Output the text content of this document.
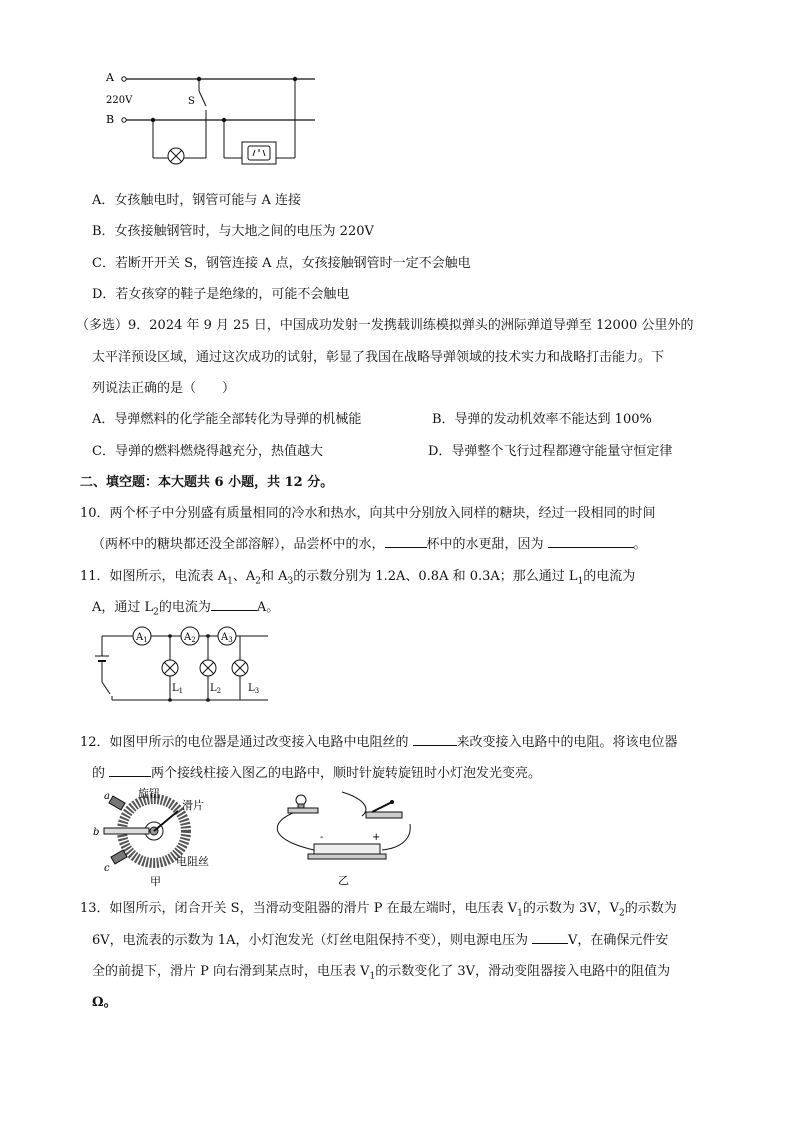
A
220V
B
S
A．女孩触电时，钢管可能与 A 连接
B．女孩接触钢管时，与大地之间的电压为 220V
C．若断开开关 S，钢管连接 A 点，女孩接触钢管时一定不会触电
D．若女孩穿的鞋子是绝缘的，可能不会触电
（多选）9．2024 年 9 月 25 日，中国成功发射一发携载训练模拟弹头的洲际弹道导弹至 12000 公里外的
太平洋预设区域，通过这次成功的试射，彰显了我国在战略导弹领域的技术实力和战略打击能力。下
列说法正确的是（　　）
A．导弹燃料的化学能全部转化为导弹的机械能	B．导弹的发动机效率不能达到 100%
C．导弹的燃料燃烧得越充分，热值越大	D．导弹整个飞行过程都遵守能量守恒定律
二、填空题：本大题共 6 小题，共 12 分。
10．两个杯子中分别盛有质量相同的冷水和热水，向其中分别放入同样的糖块，经过一段相同的时间
（两杯中的糖块都还没全部溶解），品尝杯中的水，	杯中的水更甜，因为	。
11．如图所示，电流表 $A_1$、$A_2$和 $A_3$的示数分别为 1.2A、0.8A 和 0.3A；那么通过 $L_1$的电流为
A，通过 $L_2$的电流为	A。
$A_1$	$A_2$	$A_3$
$L_1$	$L_2$	$L_3$
12．如图甲所示的电位器是通过改变接入电路中电阻丝的	来改变接入电路中的电阻。将该电位器
的	两个接线柱接入图乙的电路中，顺时针旋转旋钮时小灯泡发光变亮。
a
b
c
旋钮
滑片
电阻丝
甲
-	+
乙
13．如图所示，闭合开关 S，当滑动变阻器的滑片 P 在最左端时，电压表 $V_1$的示数为 3V，$V_2$的示数为
6V，电流表的示数为 1A，小灯泡发光（灯丝电阻保持不变），则电源电压为	V，在确保元件安
全的前提下，滑片 P 向右滑到某点时，电压表 $V_1$的示数变化了 3V，滑动变阻器接入电路中的阻值为
Ω。
